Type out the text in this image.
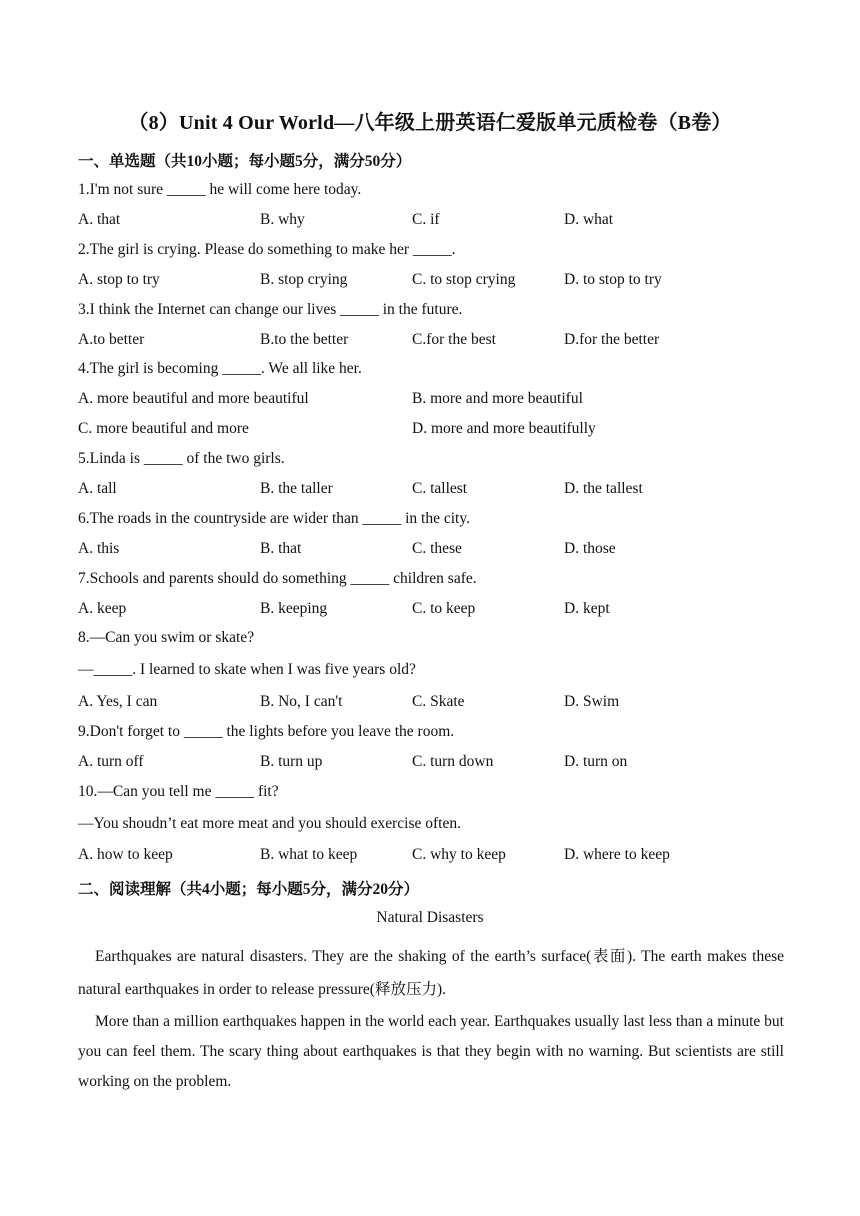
（8）Unit 4 Our World—八年级上册英语仁爱版单元质检卷（B卷）
一、单选题（共10小题；每小题5分，满分50分）
1.I'm not sure _____ he will come here today.
A. that	B. why	C. if	D. what
2.The girl is crying. Please do something to make her _____.
A. stop to try	B. stop crying	C. to stop crying	D. to stop to try
3.I think the Internet can change our lives _____ in the future.
A.to better	B.to the better	C.for the best	D.for the better
4.The girl is becoming _____. We all like her.
A. more beautiful and more beautiful	B. more and more beautiful
C. more beautiful and more	D. more and more beautifully
5.Linda is _____ of the two girls.
A. tall	B. the taller	C. tallest	D. the tallest
6.The roads in the countryside are wider than _____ in the city.
A. this	B. that	C. these	D. those
7.Schools and parents should do something _____ children safe.
A. keep	B. keeping	C. to keep	D. kept
8.—Can you swim or skate?
—_____. I learned to skate when I was five years old?
A. Yes, I can	B. No, I can't	C. Skate	D. Swim
9.Don't forget to _____ the lights before you leave the room.
A. turn off	B. turn up	C. turn down	D. turn on
10.—Can you tell me _____ fit?
—You shoudn’t eat more meat and you should exercise often.
A. how to keep	B. what to keep	C. why to keep	D. where to keep
二、阅读理解（共4小题；每小题5分，满分20分）
Natural Disasters
Earthquakes are natural disasters. They are the shaking of the earth’s surface(表面). The earth makes these natural earthquakes in order to release pressure(释放压力).
More than a million earthquakes happen in the world each year. Earthquakes usually last less than a minute but you can feel them. The scary thing about earthquakes is that they begin with no warning. But scientists are still working on the problem.
